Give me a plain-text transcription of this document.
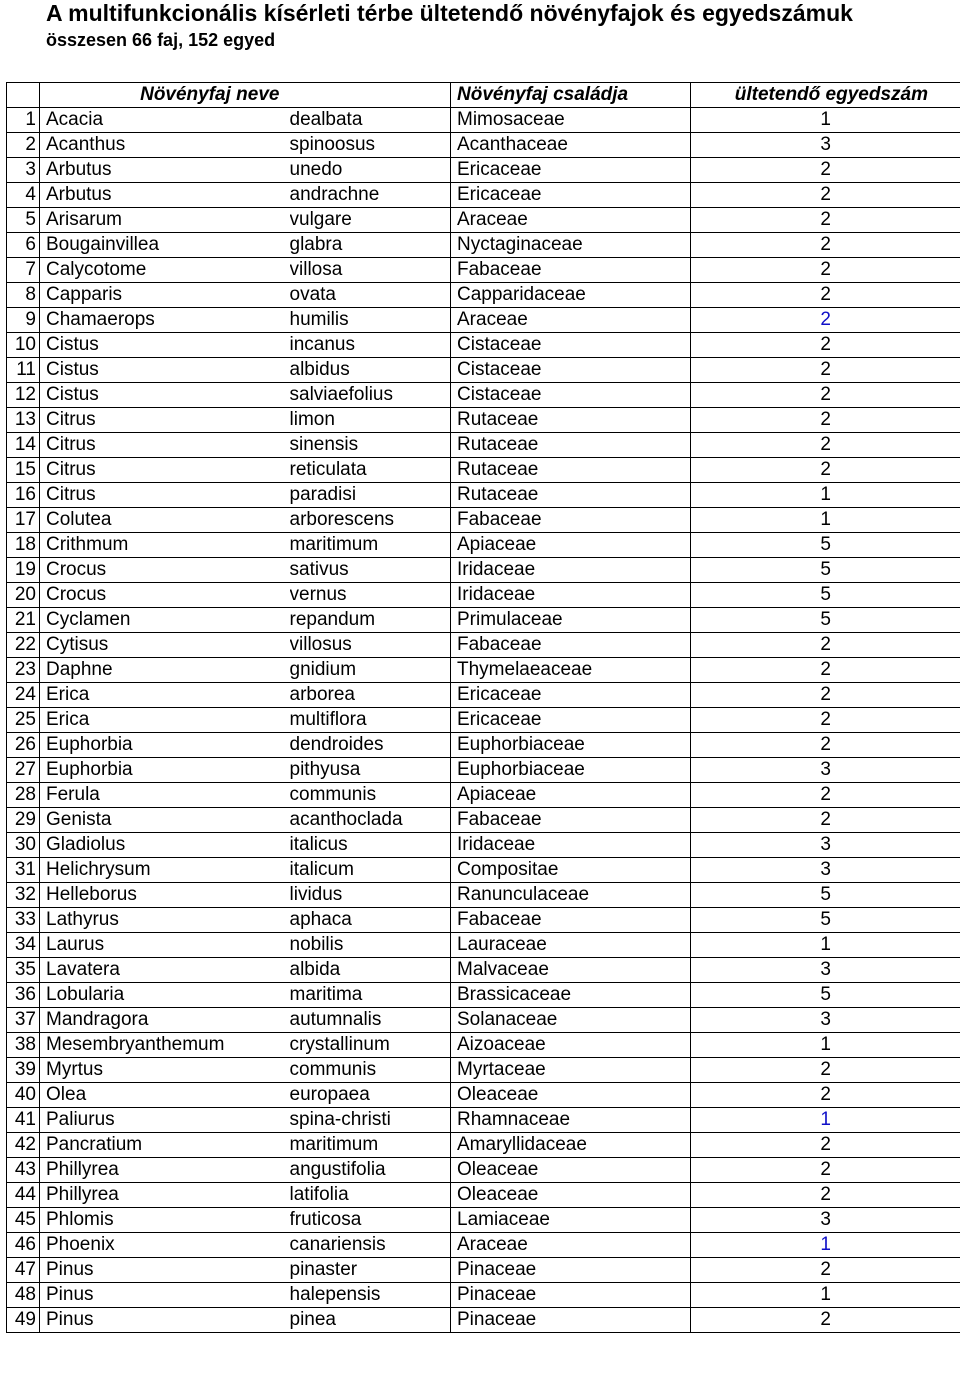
A multifunkcionális kísérleti térbe ültetendő növényfajok és egyedszámuk
összesen 66 faj, 152 egyed
	Növényfaj neve		Növényfaj családja	ültetendő egyedszám
1	Acacia	dealbata	Mimosaceae	1
2	Acanthus	spinoosus	Acanthaceae	3
3	Arbutus	unedo	Ericaceae	2
4	Arbutus	andrachne	Ericaceae	2
5	Arisarum	vulgare	Araceae	2
6	Bougainvillea	glabra	Nyctaginaceae	2
7	Calycotome	villosa	Fabaceae	2
8	Capparis	ovata	Capparidaceae	2
9	Chamaerops	humilis	Araceae	2
10	Cistus	incanus	Cistaceae	2
11	Cistus	albidus	Cistaceae	2
12	Cistus	salviaefolius	Cistaceae	2
13	Citrus	limon	Rutaceae	2
14	Citrus	sinensis	Rutaceae	2
15	Citrus	reticulata	Rutaceae	2
16	Citrus	paradisi	Rutaceae	1
17	Colutea	arborescens	Fabaceae	1
18	Crithmum	maritimum	Apiaceae	5
19	Crocus	sativus	Iridaceae	5
20	Crocus	vernus	Iridaceae	5
21	Cyclamen	repandum	Primulaceae	5
22	Cytisus	villosus	Fabaceae	2
23	Daphne	gnidium	Thymelaeaceae	2
24	Erica	arborea	Ericaceae	2
25	Erica	multiflora	Ericaceae	2
26	Euphorbia	dendroides	Euphorbiaceae	2
27	Euphorbia	pithyusa	Euphorbiaceae	3
28	Ferula	communis	Apiaceae	2
29	Genista	acanthoclada	Fabaceae	2
30	Gladiolus	italicus	Iridaceae	3
31	Helichrysum	italicum	Compositae	3
32	Helleborus	lividus	Ranunculaceae	5
33	Lathyrus	aphaca	Fabaceae	5
34	Laurus	nobilis	Lauraceae	1
35	Lavatera	albida	Malvaceae	3
36	Lobularia	maritima	Brassicaceae	5
37	Mandragora	autumnalis	Solanaceae	3
38	Mesembryanthemum	crystallinum	Aizoaceae	1
39	Myrtus	communis	Myrtaceae	2
40	Olea	europaea	Oleaceae	2
41	Paliurus	spina-christi	Rhamnaceae	1
42	Pancratium	maritimum	Amaryllidaceae	2
43	Phillyrea	angustifolia	Oleaceae	2
44	Phillyrea	latifolia	Oleaceae	2
45	Phlomis	fruticosa	Lamiaceae	3
46	Phoenix	canariensis	Araceae	1
47	Pinus	pinaster	Pinaceae	2
48	Pinus	halepensis	Pinaceae	1
49	Pinus	pinea	Pinaceae	2
